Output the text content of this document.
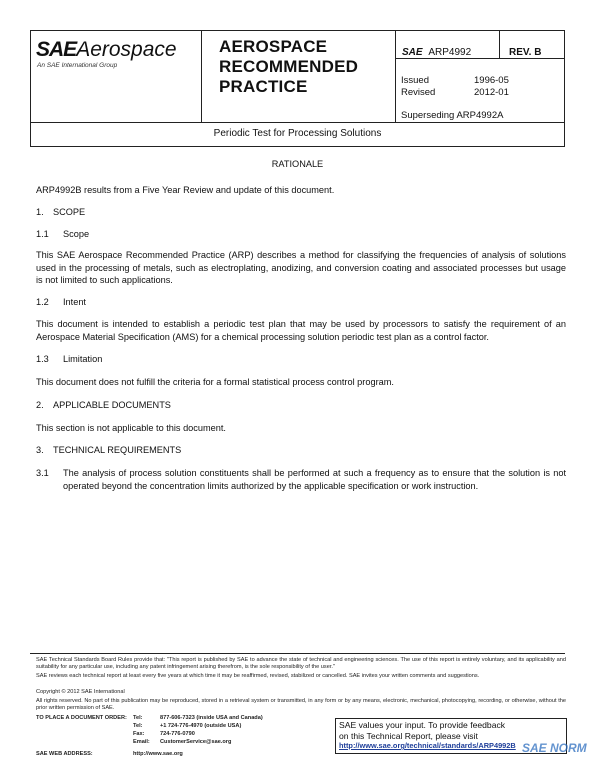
SAEAerospace
An SAE International Group
AEROSPACE
RECOMMENDED
PRACTICE
SAE ARP4992	REV. B
Issued	1996-05
Revised	2012-01
Superseding ARP4992A
Periodic Test for Processing Solutions
RATIONALE
ARP4992B results from a Five Year Review and update of this document.
1. SCOPE
1.1 Scope
This SAE Aerospace Recommended Practice (ARP) describes a method for classifying the frequencies of analysis of solutions used in the processing of metals, such as electroplating, anodizing, and conversion coating and associated processes but usage is not limited to such applications.
1.2 Intent
This document is intended to establish a periodic test plan that may be used by processors to satisfy the requirement of an Aerospace Material Specification (AMS) for a chemical processing solution periodic test plan as a control factor.
1.3 Limitation
This document does not fulfill the criteria for a formal statistical process control program.
2. APPLICABLE DOCUMENTS
This section is not applicable to this document.
3. TECHNICAL REQUIREMENTS
3.1 The analysis of process solution constituents shall be performed at such a frequency as to ensure that the solution is not operated beyond the concentration limits authorized by the applicable specification or work instruction.
SAE Technical Standards Board Rules provide that: "This report is published by SAE to advance the state of technical and engineering sciences. The use of this report is entirely voluntary, and its applicability and suitability for any particular use, including any patent infringement arising therefrom, is the sole responsibility of the user."
SAE reviews each technical report at least every five years at which time it may be reaffirmed, revised, stabilized or cancelled. SAE invites your written comments and suggestions.
Copyright © 2012 SAE International
All rights reserved. No part of this publication may be reproduced, stored in a retrieval system or transmitted, in any form or by any means, electronic, mechanical, photocopying, recording, or otherwise, without the prior written permission of SAE.
TO PLACE A DOCUMENT ORDER: Tel:	877-606-7323 (inside USA and Canada)
Tel:	+1 724-776-4970 (outside USA)
Fax:	724-776-0790
Email: CustomerService@sae.org
SAE WEB ADDRESS:	http://www.sae.org
SAE values your input. To provide feedback
on this Technical Report, please visit
http://www.sae.org/technical/standards/ARP4992B SAE NORM
